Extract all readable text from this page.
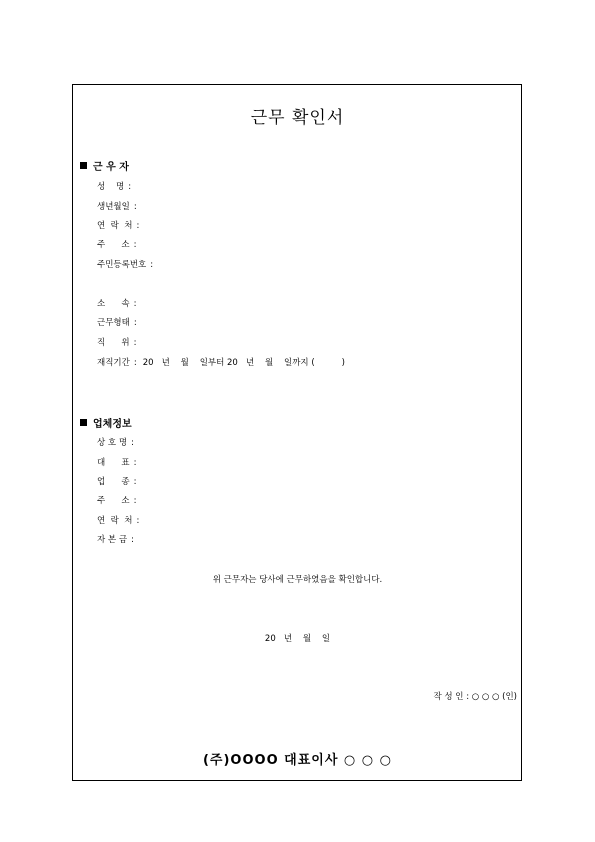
근무 확인서
근 우 자
성    명 :
생년월일 :
연  락  처 :
주      소 :
주민등록번호 :
소      속 :
근무형태 :
직      위 :
재직기간 : 20   년    월    일부터 20   년    월    일까지 (          )
업체정보
상 호 명 :
대      표 :
업      종 :
주      소 :
연  락  처 :
자 본 금 :
위 근무자는 당사에 근무하였음을 확인합니다.
20   년    월    일
작 성 인 : ○ ○ ○ (인)
(주)OOOO 대표이사 ○ ○ ○
